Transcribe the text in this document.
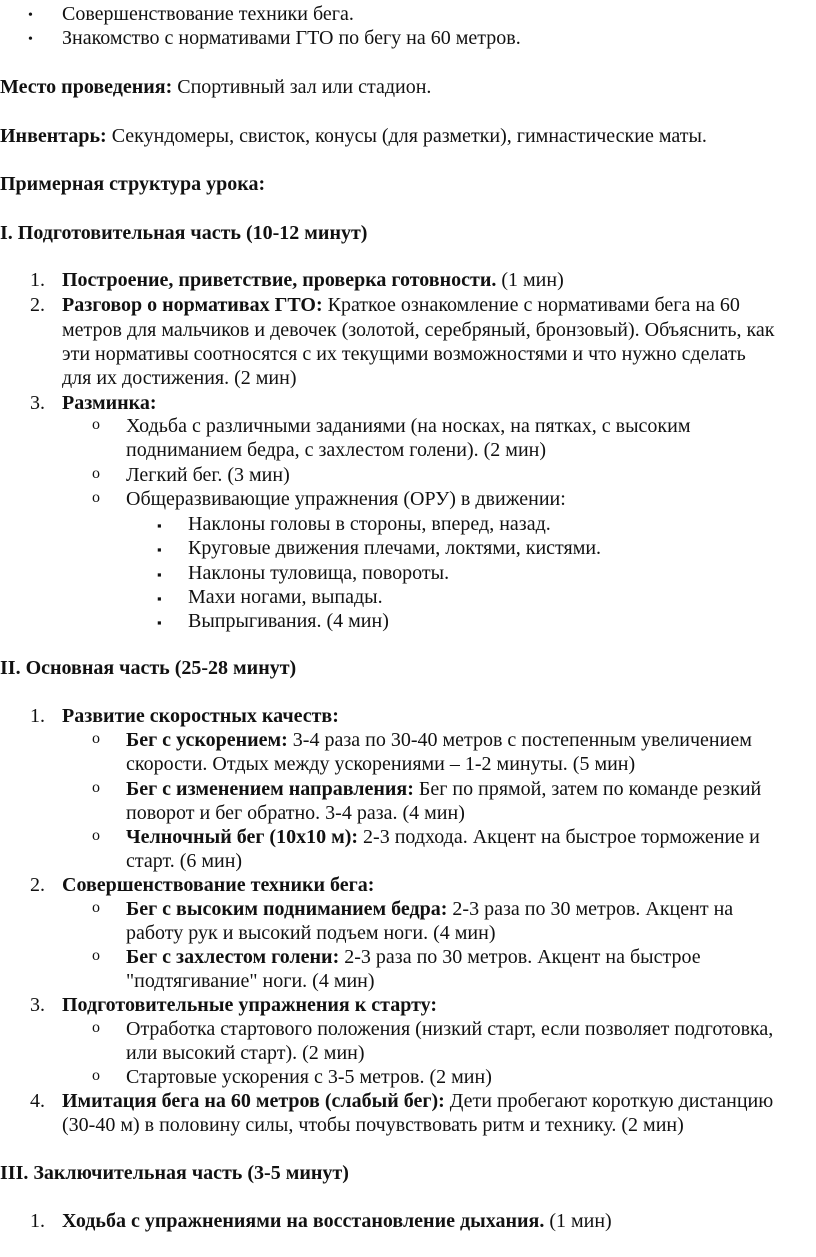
• Совершенствование техники бега.
• Знакомство с нормативами ГТО по бегу на 60 метров.
Место проведения: Спортивный зал или стадион.
Инвентарь: Секундомеры, свисток, конусы (для разметки), гимнастические маты.
Примерная структура урока:
I. Подготовительная часть (10-12 минут)
1. Построение, приветствие, проверка готовности. (1 мин)
2. Разговор о нормативах ГТО: Краткое ознакомление с нормативами бега на 60
метров для мальчиков и девочек (золотой, серебряный, бронзовый). Объяснить, как
эти нормативы соотносятся с их текущими возможностями и что нужно сделать
для их достижения. (2 мин)
3. Разминка:
o Ходьба с различными заданиями (на носках, на пятках, с высоким
подниманием бедра, с захлестом голени). (2 мин)
o Легкий бег. (3 мин)
o Общеразвивающие упражнения (ОРУ) в движении:
▪ Наклоны головы в стороны, вперед, назад.
▪ Круговые движения плечами, локтями, кистями.
▪ Наклоны туловища, повороты.
▪ Махи ногами, выпады.
▪ Выпрыгивания. (4 мин)
II. Основная часть (25-28 минут)
1. Развитие скоростных качеств:
o Бег с ускорением: 3-4 раза по 30-40 метров с постепенным увеличением
скорости. Отдых между ускорениями – 1-2 минуты. (5 мин)
o Бег с изменением направления: Бег по прямой, затем по команде резкий
поворот и бег обратно. 3-4 раза. (4 мин)
o Челночный бег (10x10 м): 2-3 подхода. Акцент на быстрое торможение и
старт. (6 мин)
2. Совершенствование техники бега:
o Бег с высоким подниманием бедра: 2-3 раза по 30 метров. Акцент на
работу рук и высокий подъем ноги. (4 мин)
o Бег с захлестом голени: 2-3 раза по 30 метров. Акцент на быстрое
"подтягивание" ноги. (4 мин)
3. Подготовительные упражнения к старту:
o Отработка стартового положения (низкий старт, если позволяет подготовка,
или высокий старт). (2 мин)
o Стартовые ускорения с 3-5 метров. (2 мин)
4. Имитация бега на 60 метров (слабый бег): Дети пробегают короткую дистанцию
(30-40 м) в половину силы, чтобы почувствовать ритм и технику. (2 мин)
III. Заключительная часть (3-5 минут)
1. Ходьба с упражнениями на восстановление дыхания. (1 мин)
